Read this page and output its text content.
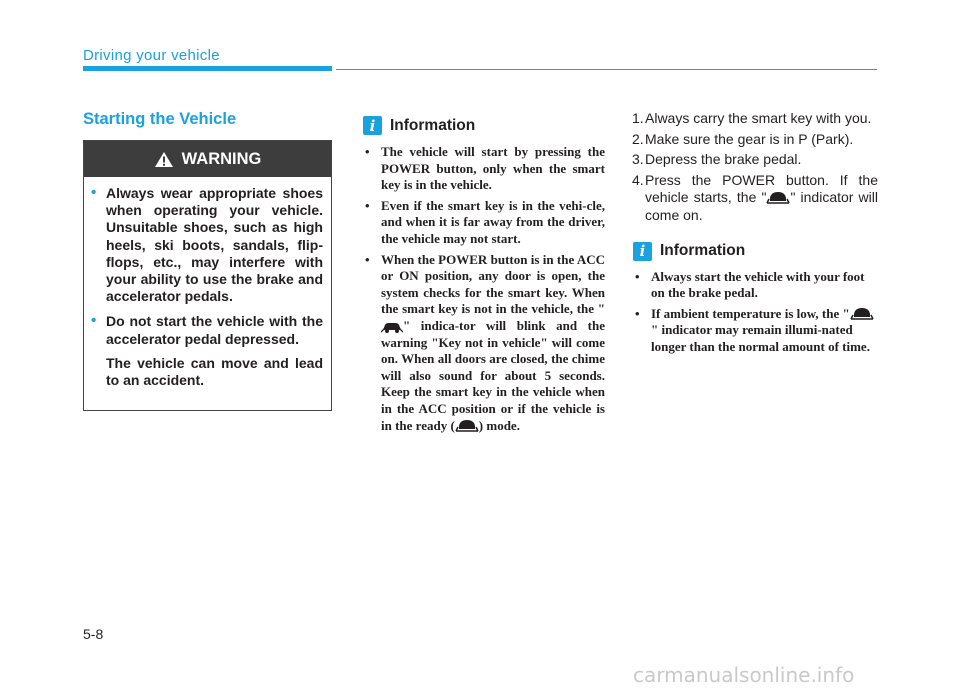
Driving your vehicle
Starting the Vehicle
WARNING
• Always wear appropriate shoes when operating your vehicle. Unsuitable shoes, such as high heels, ski boots, sandals, flip-flops, etc., may interfere with your ability to use the brake and accelerator pedals.
• Do not start the vehicle with the accelerator pedal depressed.
The vehicle can move and lead to an accident.
i Information
• The vehicle will start by pressing the POWER button, only when the smart key is in the vehicle.
• Even if the smart key is in the vehi-cle, and when it is far away from the driver, the vehicle may not start.
• When the POWER button is in the ACC or ON position, any door is open, the system checks for the smart key. When the smart key is not in the vehicle, the "" indica-tor will blink and the warning "Key not in vehicle" will come on. When all doors are closed, the chime will also sound for about 5 seconds. Keep the smart key in the vehicle when in the ACC position or if the vehicle is in the ready ( ) mode.
1. Always carry the smart key with you.
2. Make sure the gear is in P (Park).
3. Depress the brake pedal.
4. Press the POWER button. If the vehicle starts, the " " indicator will come on.
i Information
• Always start the vehicle with your foot on the brake pedal.
• If ambient temperature is low, the "" indicator may remain illumi-nated longer than the normal amount of time.
5-8
carmanualsonline.info
